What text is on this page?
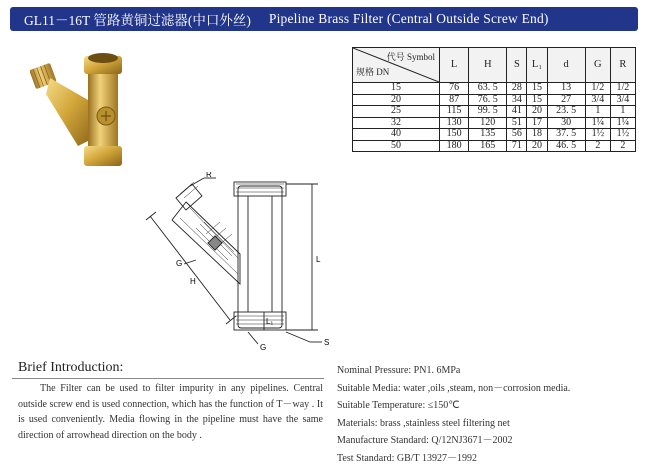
GL11－16T 管路黄铜过滤器(中口外丝) Pipeline Brass Filter (Central Outside Screw End)
代号 Symbol
规格 DN	L	H	S	L₁	d	G	R
15	76	63. 5	28	15	13	1/2	1/2
20	87	76. 5	34	15	27	3/4	3/4
25	115	99. 5	41	20	23. 5	1	1
32	130	120	51	17	30	1¼	1¼
40	150	135	56	18	37. 5	1½	1½
50	180	165	71	20	46. 5	2	2
R
G
H
L
L₁
S
G
Brief Introduction:
The Filter can be used to filter impurity in any pipelines. Central outside screw end is used connection, which has the function of T－way . It is used conveniently. Media flowing in the pipeline must have the same direction of arrowhead direction on the body .
Nominal Pressure: PN1. 6MPa
Suitable Media: water ,oils ,steam, non－corrosion media.
Suitable Temperature: ≤150℃
Materials: brass ,stainless steel filtering net
Manufacture Standard: Q/12NJ3671－2002
Test Standard: GB/T 13927－1992
